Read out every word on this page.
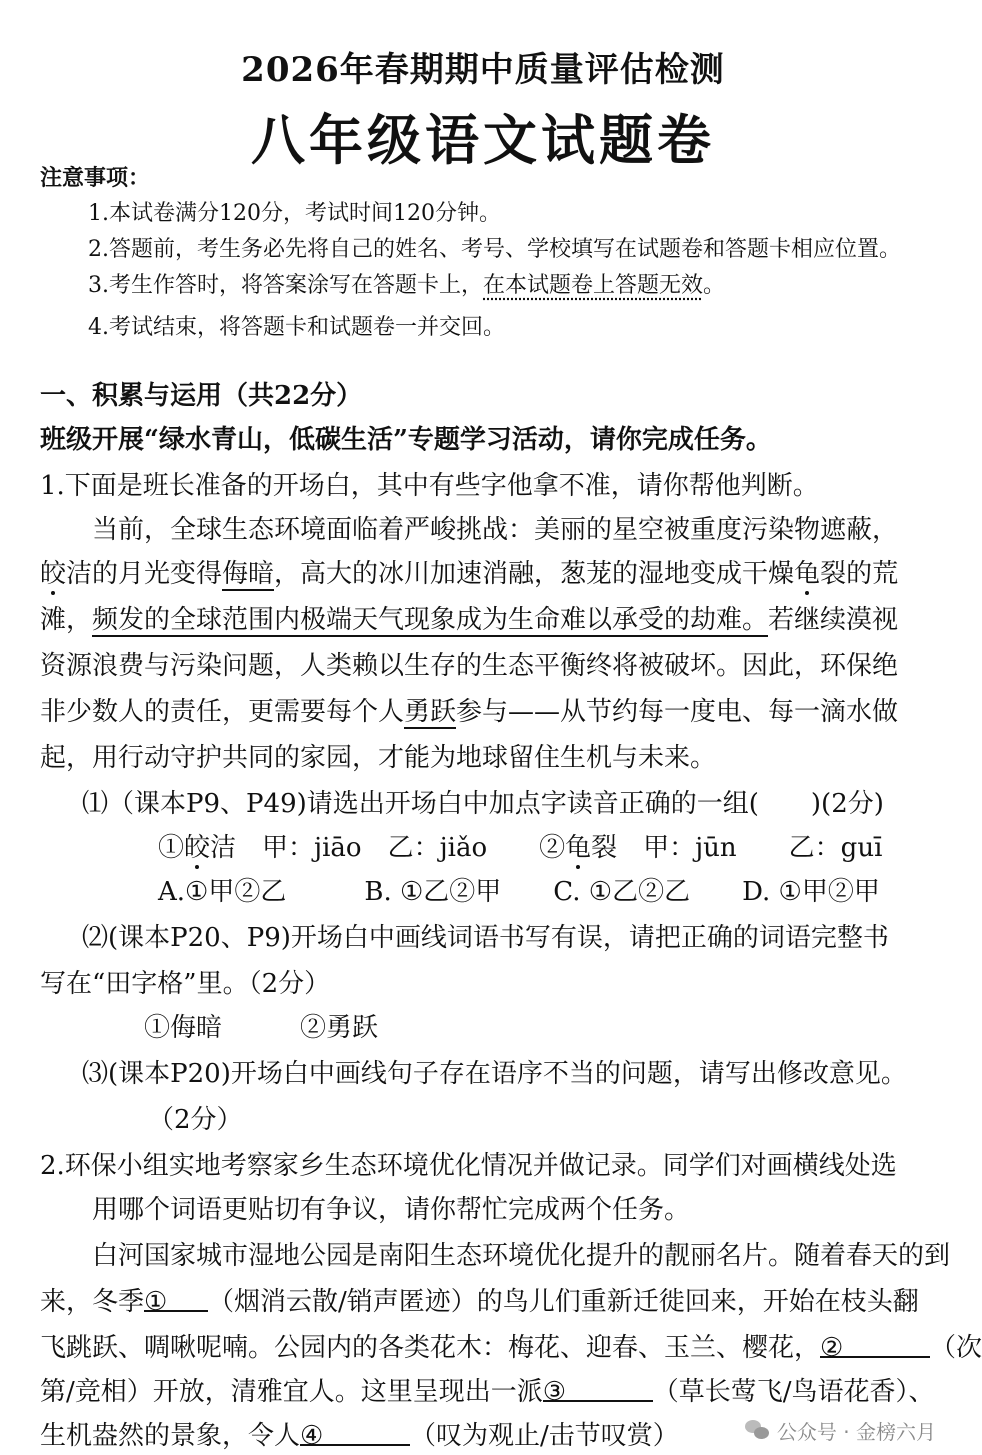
2026年春期期中质量评估检测
八年级语文试题卷
注意事项：
1.本试卷满分120分，考试时间120分钟。
2.答题前，考生务必先将自己的姓名、考号、学校填写在试题卷和答题卡相应位置。
3.考生作答时，将答案涂写在答题卡上，在本试题卷上答题无效。
4.考试结束，将答题卡和试题卷一并交回。
一、积累与运用（共22分）
班级开展“绿水青山，低碳生活”专题学习活动，请你完成任务。
1.下面是班长准备的开场白，其中有些字他拿不准，请你帮他判断。
当前，全球生态环境面临着严峻挑战：美丽的星空被重度污染物遮蔽，
皎洁的月光变得侮暗，高大的冰川加速消融，葱茏的湿地变成干燥龟裂的荒
滩，频发的全球范围内极端天气现象成为生命难以承受的劫难。若继续漠视
资源浪费与污染问题，人类赖以生存的生态平衡终将被破坏。因此，环保绝
非少数人的责任，更需要每个人勇跃参与——从节约每一度电、每一滴水做
起，用行动守护共同的家园，才能为地球留住生机与未来。
⑴（课本P9、P49)请选出开场白中加点字读音正确的一组(　　)(2分)
①皎洁　甲：jiāo　乙：jiǎo　　②龟裂　甲：jūn　　乙：guī
A.①甲②乙　　　B. ①乙②甲　　C. ①乙②乙　　D. ①甲②甲
⑵(课本P20、P9)开场白中画线词语书写有误，请把正确的词语完整书
写在“田字格”里。（2分）
①侮暗　　　②勇跃
⑶(课本P20)开场白中画线句子存在语序不当的问题，请写出修改意见。
（2分）
2.环保小组实地考察家乡生态环境优化情况并做记录。同学们对画横线处选
用哪个词语更贴切有争议，请你帮忙完成两个任务。
白河国家城市湿地公园是南阳生态环境优化提升的靓丽名片。随着春天的到
来，冬季① （烟消云散/销声匿迹）的鸟儿们重新迁徙回来，开始在枝头翻
飞跳跃、啁啾呢喃。公园内的各类花木：梅花、迎春、玉兰、樱花，②	（次
第/竞相）开放，清雅宜人。这里呈现出一派③	（草长莺飞/鸟语花香）、
生机盎然的景象，令人④	（叹为观止/击节叹赏）	公众号 · 金榜六月
